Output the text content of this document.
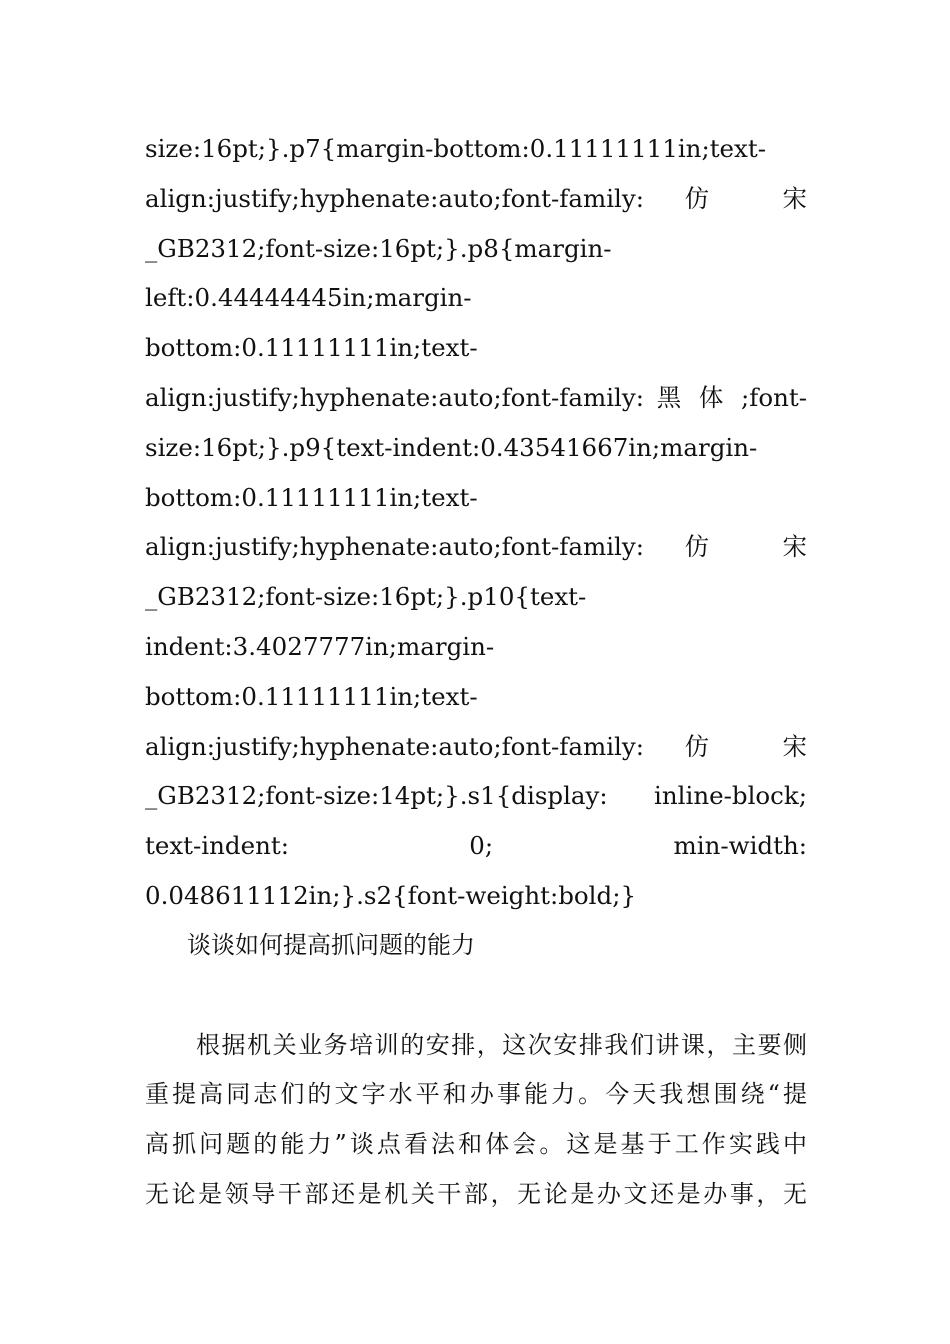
size:16pt;}.p7{margin-bottom:0.11111111in;text-
align:justify;hyphenate:auto;font-family: 仿 宋
_GB2312;font-size:16pt;}.p8{margin-
left:0.44444445in;margin-
bottom:0.11111111in;text-
align:justify;hyphenate:auto;font-family: 黑 体 ;font-
size:16pt;}.p9{text-indent:0.43541667in;margin-
bottom:0.11111111in;text-
align:justify;hyphenate:auto;font-family: 仿 宋
_GB2312;font-size:16pt;}.p10{text-
indent:3.4027777in;margin-
bottom:0.11111111in;text-
align:justify;hyphenate:auto;font-family: 仿 宋
_GB2312;font-size:14pt;}.s1{display: inline-block;
text-indent: 0; min-width:
0.048611112in;}.s2{font-weight:bold;}
谈谈如何提高抓问题的能力
　　根据机关业务培训的安排，这次安排我们讲课，主要侧
重提高同志们的文字水平和办事能力。今天我想围绕“提
高抓问题的能力”谈点看法和体会。这是基于工作实践中
无论是领导干部还是机关干部，无论是办文还是办事，无
